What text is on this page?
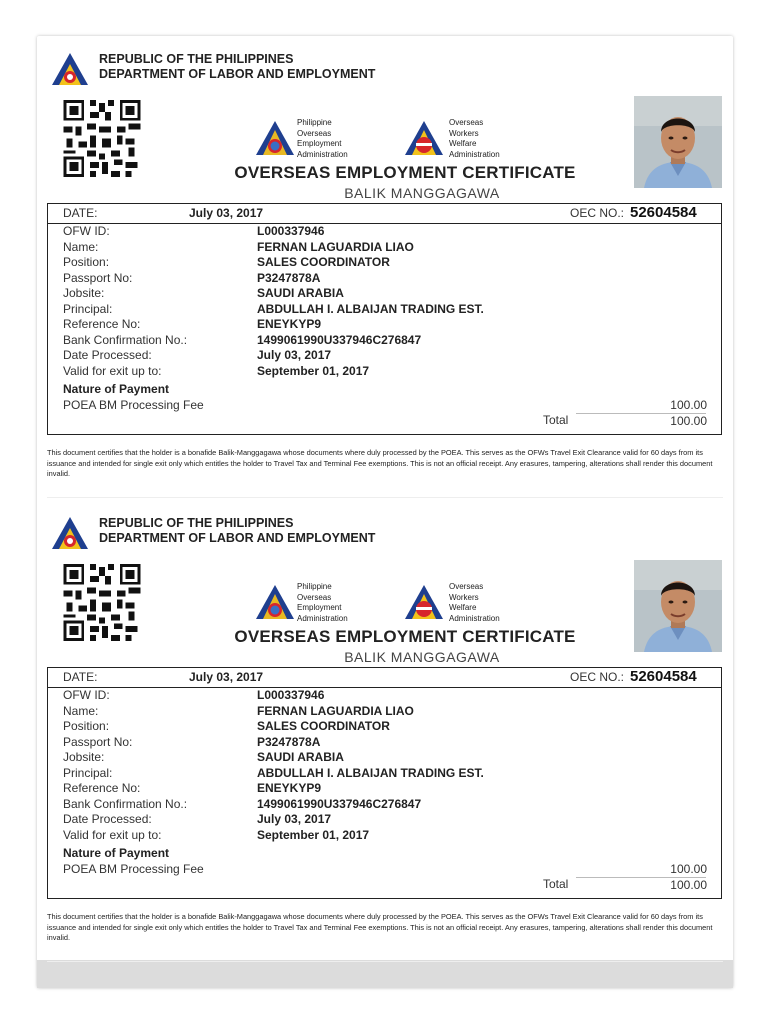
REPUBLIC OF THE PHILIPPINES
DEPARTMENT OF LABOR AND EMPLOYMENT
Philippine
Overseas
Employment
Administration
Overseas
Workers
Welfare
Administration
OVERSEAS EMPLOYMENT CERTIFICATE
BALIK MANGGAGAWA
DATE:	July 03, 2017	OEC NO.: 52604584
OFW ID:	L000337946
Name:	FERNAN LAGUARDIA LIAO
Position:	SALES COORDINATOR
Passport No:	P3247878A
Jobsite:	SAUDI ARABIA
Principal:	ABDULLAH I. ALBAIJAN TRADING EST.
Reference No:	ENEYKYP9
Bank Confirmation No.:	1499061990U337946C276847
Date Processed:	July 03, 2017
Valid for exit up to:	September 01, 2017
Nature of Payment
POEA BM Processing Fee	100.00
Total	100.00
This document certifies that the holder is a bonafide Balik-Manggagawa whose documents where duly processed by the POEA. This serves as the OFWs Travel Exit Clearance valid for 60 days from its issuance and intended for single exit only which entitles the holder to Travel Tax and Terminal Fee exemptions. This is not an official receipt. Any erasures, tampering, alterations shall render this document invalid.
REPUBLIC OF THE PHILIPPINES
DEPARTMENT OF LABOR AND EMPLOYMENT
Philippine
Overseas
Employment
Administration
Overseas
Workers
Welfare
Administration
OVERSEAS EMPLOYMENT CERTIFICATE
BALIK MANGGAGAWA
DATE:	July 03, 2017	OEC NO.: 52604584
OFW ID:	L000337946
Name:	FERNAN LAGUARDIA LIAO
Position:	SALES COORDINATOR
Passport No:	P3247878A
Jobsite:	SAUDI ARABIA
Principal:	ABDULLAH I. ALBAIJAN TRADING EST.
Reference No:	ENEYKYP9
Bank Confirmation No.:	1499061990U337946C276847
Date Processed:	July 03, 2017
Valid for exit up to:	September 01, 2017
Nature of Payment
POEA BM Processing Fee	100.00
Total	100.00
This document certifies that the holder is a bonafide Balik-Manggagawa whose documents where duly processed by the POEA. This serves as the OFWs Travel Exit Clearance valid for 60 days from its issuance and intended for single exit only which entitles the holder to Travel Tax and Terminal Fee exemptions. This is not an official receipt. Any erasures, tampering, alterations shall render this document invalid.
